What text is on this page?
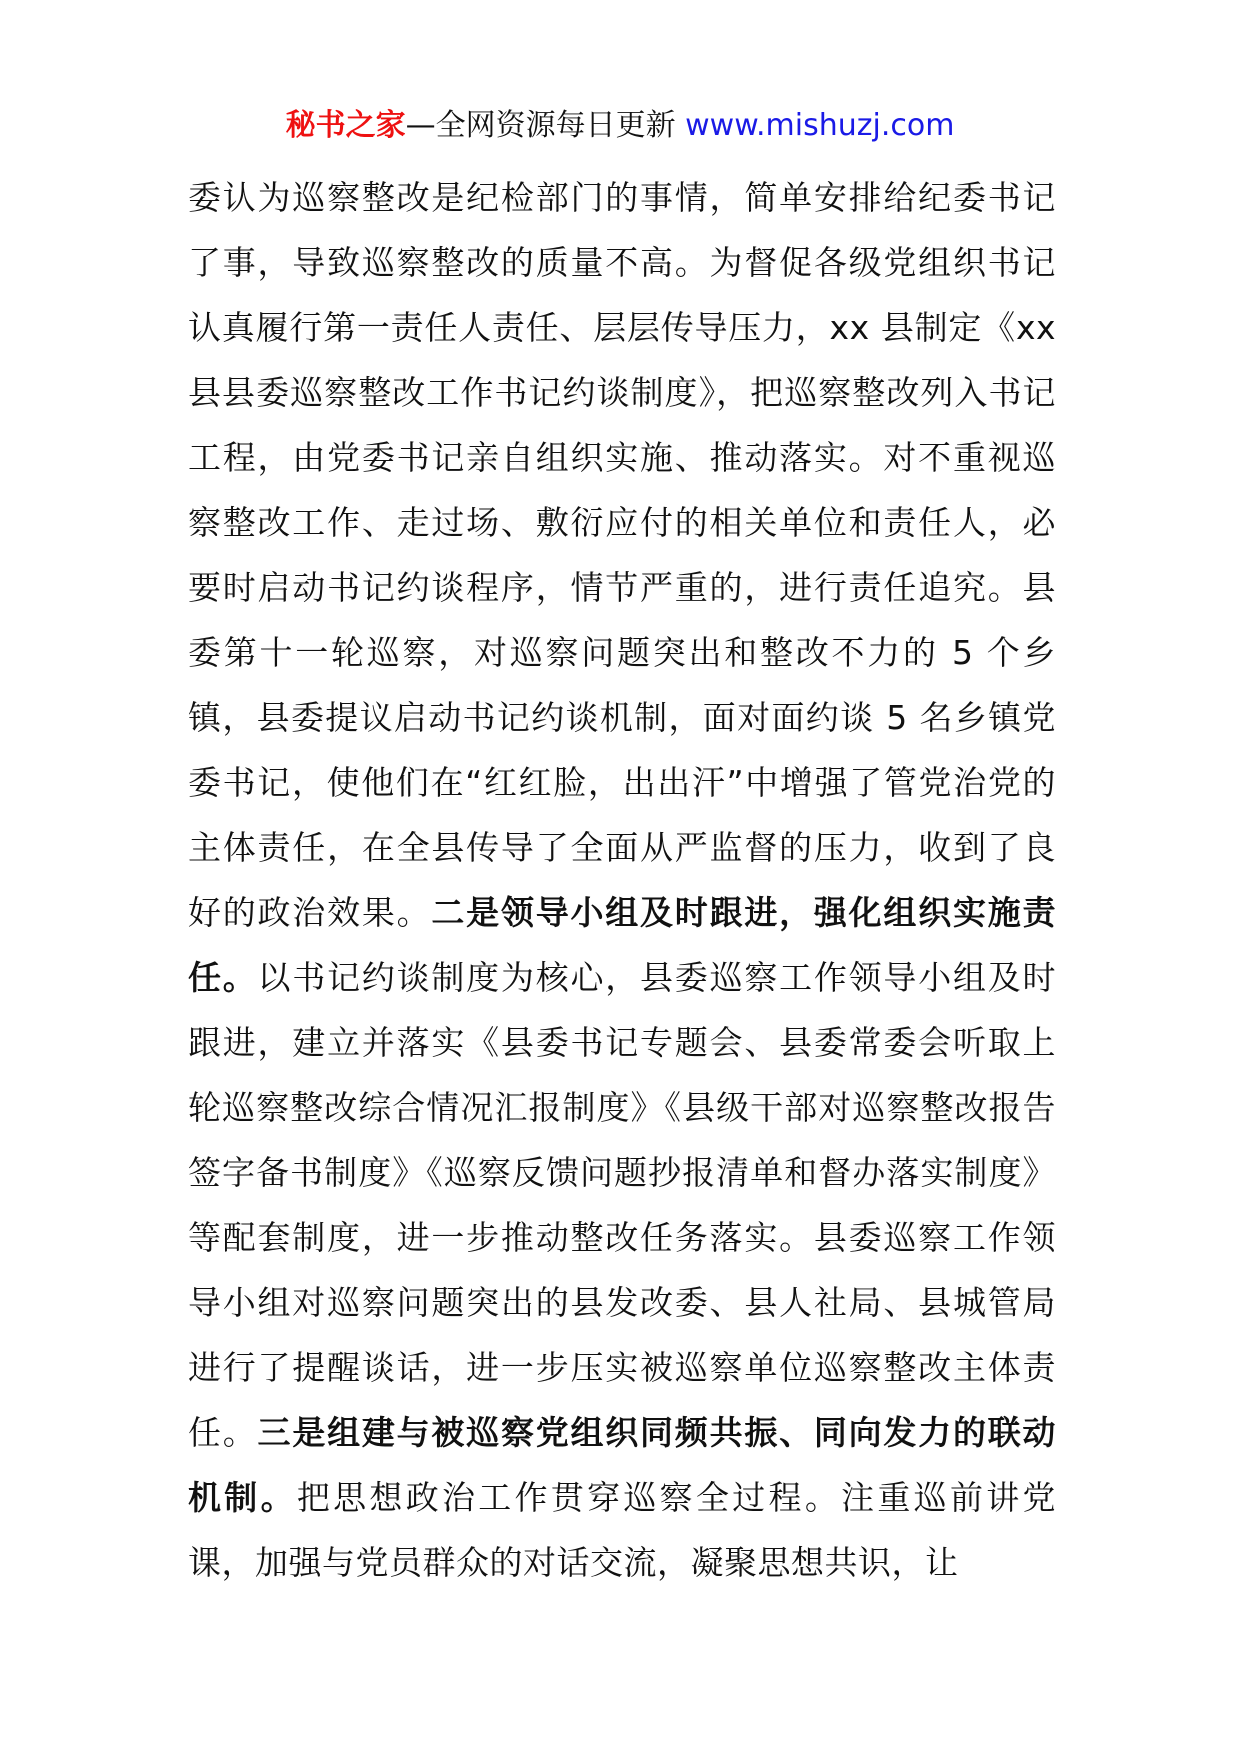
秘书之家—全网资源每日更新 www.mishuzj.com

委认为巡察整改是纪检部门的事情，简单安排给纪委书记了事，导致巡察整改的质量不高。为督促各级党组织书记认真履行第一责任人责任、层层传导压力，xx 县制定《xx 县县委巡察整改工作书记约谈制度》，把巡察整改列入书记工程，由党委书记亲自组织实施、推动落实。对不重视巡察整改工作、走过场、敷衍应付的相关单位和责任人，必要时启动书记约谈程序，情节严重的，进行责任追究。县委第十一轮巡察，对巡察问题突出和整改不力的 5 个乡镇，县委提议启动书记约谈机制，面对面约谈 5 名乡镇党委书记，使他们在“红红脸，出出汗”中增强了管党治党的主体责任，在全县传导了全面从严监督的压力，收到了良好的政治效果。二是领导小组及时跟进，强化组织实施责任。以书记约谈制度为核心，县委巡察工作领导小组及时跟进，建立并落实《县委书记专题会、县委常委会听取上轮巡察整改综合情况汇报制度》《县级干部对巡察整改报告签字备书制度》《巡察反馈问题抄报清单和督办落实制度》等配套制度，进一步推动整改任务落实。县委巡察工作领导小组对巡察问题突出的县发改委、县人社局、县城管局进行了提醒谈话，进一步压实被巡察单位巡察整改主体责任。三是组建与被巡察党组织同频共振、同向发力的联动机制。把思想政治工作贯穿巡察全过程。注重巡前讲党课，加强与党员群众的对话交流，凝聚思想共识，让
